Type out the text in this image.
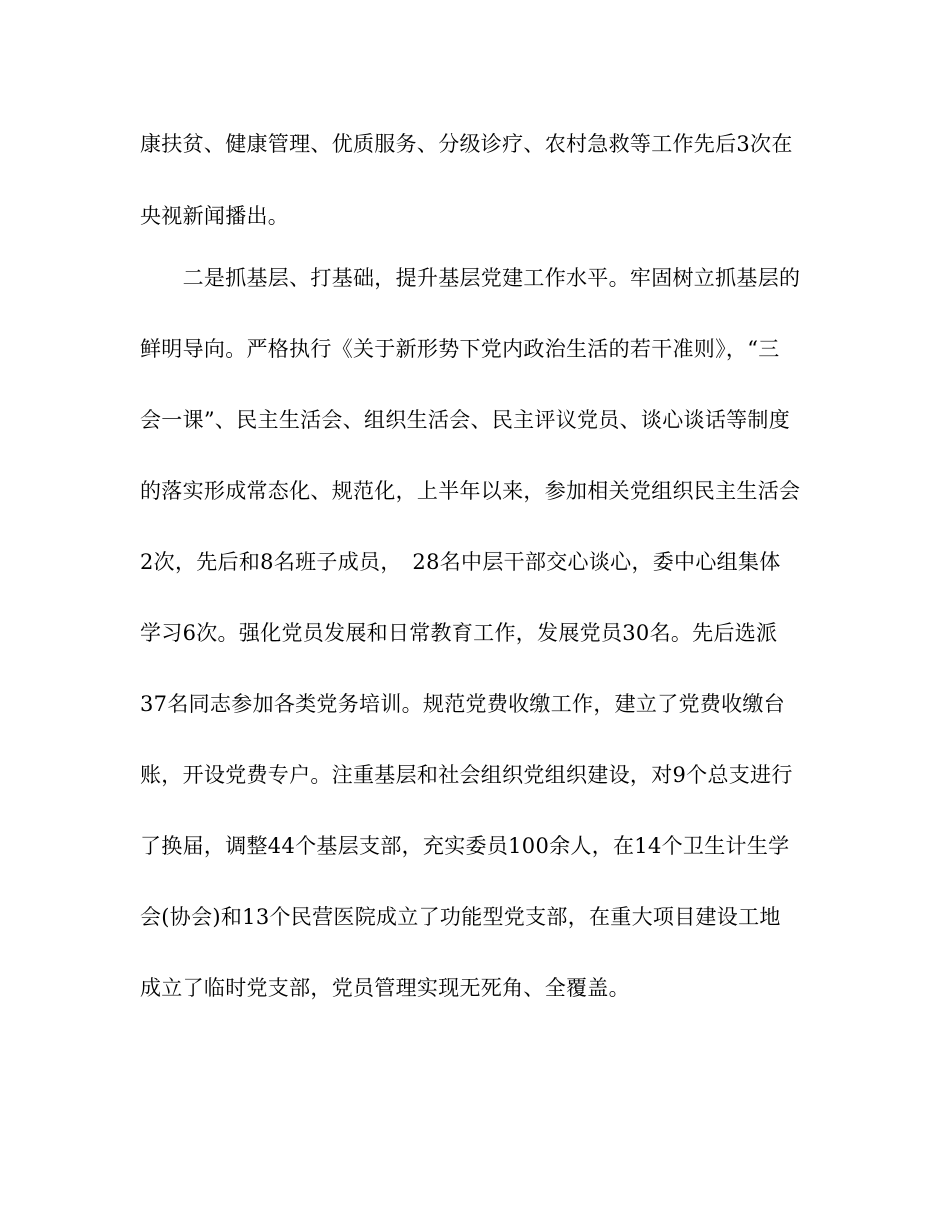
康扶贫、健康管理、优质服务、分级诊疗、农村急救等工作先后3次在
央视新闻播出。
　　二是抓基层、打基础，提升基层党建工作水平。牢固树立抓基层的
鲜明导向。严格执行《关于新形势下党内政治生活的若干准则》，“三
会一课”、民主生活会、组织生活会、民主评议党员、谈心谈话等制度
的落实形成常态化、规范化，上半年以来，参加相关党组织民主生活会
2次，先后和8名班子成员，　28名中层干部交心谈心，委中心组集体
学习6次。强化党员发展和日常教育工作，发展党员30名。先后选派
37名同志参加各类党务培训。规范党费收缴工作，建立了党费收缴台
账，开设党费专户。注重基层和社会组织党组织建设，对9个总支进行
了换届，调整44个基层支部，充实委员100余人，在14个卫生计生学
会(协会)和13个民营医院成立了功能型党支部，在重大项目建设工地
成立了临时党支部，党员管理实现无死角、全覆盖。
